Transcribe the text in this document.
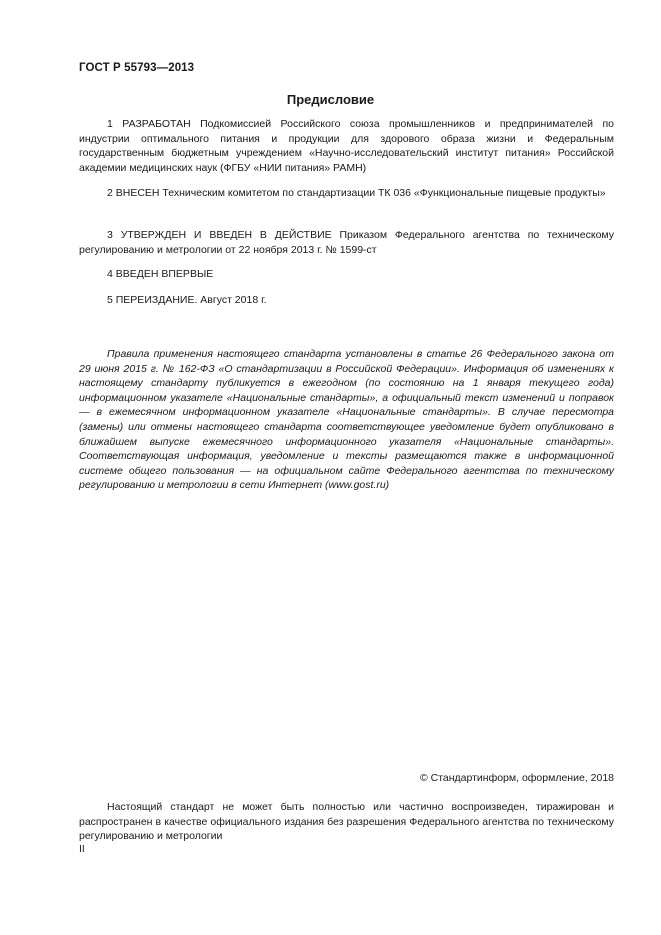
ГОСТ Р 55793—2013
Предисловие

1 РАЗРАБОТАН Подкомиссией Российского союза промышленников и предпринимателей по индустрии оптимального питания и продукции для здорового образа жизни и Федеральным государственным бюджетным учреждением «Научно-исследовательский институт питания» Российской академии медицинских наук (ФГБУ «НИИ питания» РАМН)

2 ВНЕСЕН Техническим комитетом по стандартизации ТК 036 «Функциональные пищевые продукты»

3 УТВЕРЖДЕН И ВВЕДЕН В ДЕЙСТВИЕ Приказом Федерального агентства по техническому регулированию и метрологии от 22 ноября 2013 г. № 1599-ст

4 ВВЕДЕН ВПЕРВЫЕ

5 ПЕРЕИЗДАНИЕ. Август 2018 г.

Правила применения настоящего стандарта установлены в статье 26 Федерального закона от 29 июня 2015 г. № 162-ФЗ «О стандартизации в Российской Федерации». Информация об изменениях к настоящему стандарту публикуется в ежегодном (по состоянию на 1 января текущего года) информационном указателе «Национальные стандарты», а официальный текст изменений и поправок — в ежемесячном информационном указателе «Национальные стандарты». В случае пересмотра (замены) или отмены настоящего стандарта соответствующее уведомление будет опубликовано в ближайшем выпуске ежемесячного информационного указателя «Национальные стандарты». Соответствующая информация, уведомление и тексты размещаются также в информационной системе общего пользования — на официальном сайте Федерального агентства по техническому регулированию и метрологии в сети Интернет (www.gost.ru)

© Стандартинформ, оформление, 2018

Настоящий стандарт не может быть полностью или частично воспроизведен, тиражирован и распространен в качестве официального издания без разрешения Федерального агентства по техническому регулированию и метрологии

II
